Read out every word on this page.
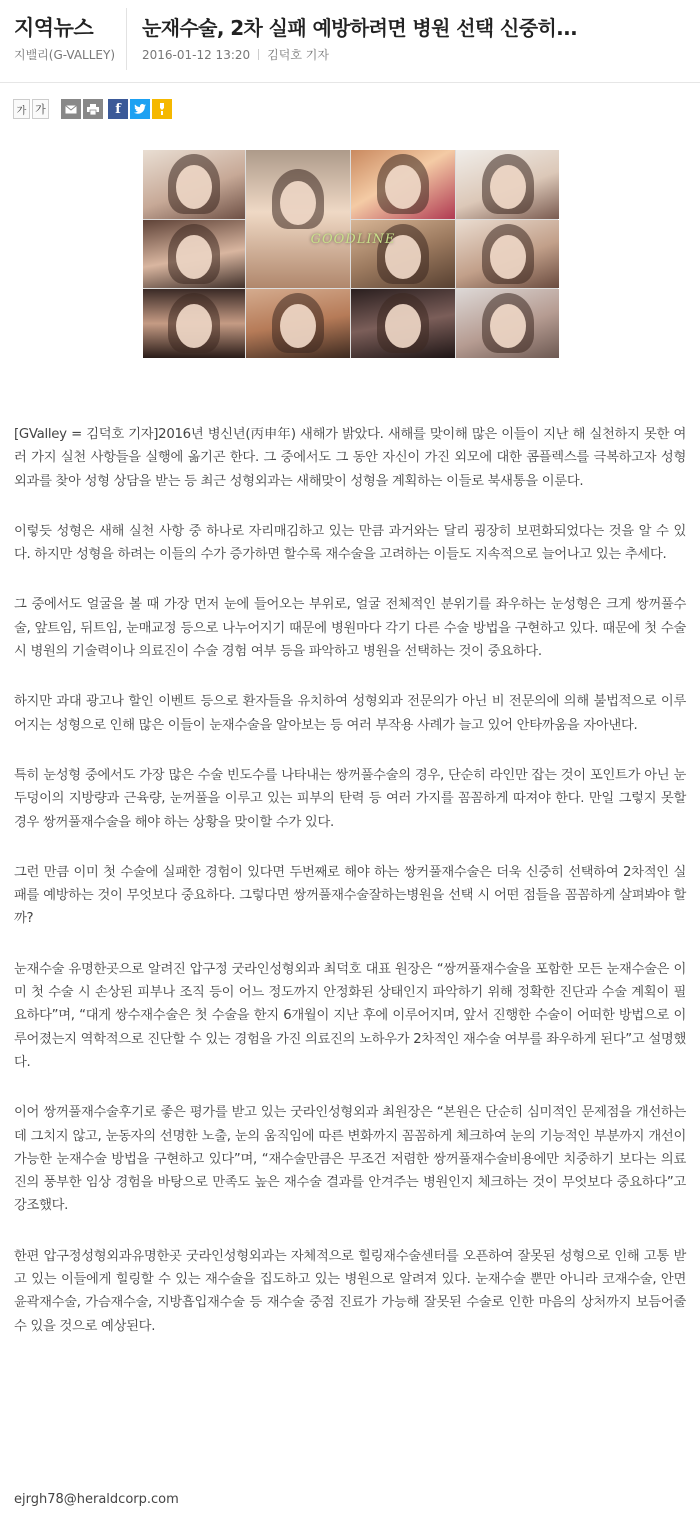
지역뉴스
지밸리(G-VALLEY)
눈재수술, 2차 실패 예방하려면 병원 선택 신중히...
2016-01-12 13:20 김덕호 기자
가 가	f
GOODLINE

[GValley = 김덕호 기자]2016년 병신년(丙申年) 새해가 밝았다. 새해를 맞이해 많은 이들이 지난 해 실천하지 못한 여러 가지 실천 사항들을 실행에 옮기곤 한다. 그 중에서도 그 동안 자신이 가진 외모에 대한 콤플렉스를 극복하고자 성형외과를 찾아 성형 상담을 받는 등 최근 성형외과는 새해맞이 성형을 계획하는 이들로 북새통을 이룬다.

이렇듯 성형은 새해 실천 사항 중 하나로 자리매김하고 있는 만큼 과거와는 달리 굉장히 보편화되었다는 것을 알 수 있다. 하지만 성형을 하려는 이들의 수가 증가하면 할수록 재수술을 고려하는 이들도 지속적으로 늘어나고 있는 추세다.

그 중에서도 얼굴을 볼 때 가장 먼저 눈에 들어오는 부위로, 얼굴 전체적인 분위기를 좌우하는 눈성형은 크게 쌍꺼풀수술, 앞트임, 뒤트임, 눈매교정 등으로 나누어지기 때문에 병원마다 각기 다른 수술 방법을 구현하고 있다. 때문에 첫 수술 시 병원의 기술력이나 의료진이 수술 경험 여부 등을 파악하고 병원을 선택하는 것이 중요하다.

하지만 과대 광고나 할인 이벤트 등으로 환자들을 유치하여 성형외과 전문의가 아닌 비 전문의에 의해 불법적으로 이루어지는 성형으로 인해 많은 이들이 눈재수술을 알아보는 등 여러 부작용 사례가 늘고 있어 안타까움을 자아낸다.

특히 눈성형 중에서도 가장 많은 수술 빈도수를 나타내는 쌍꺼풀수술의 경우, 단순히 라인만 잡는 것이 포인트가 아닌 눈두덩이의 지방량과 근육량, 눈꺼풀을 이루고 있는 피부의 탄력 등 여러 가지를 꼼꼼하게 따져야 한다. 만일 그렇지 못할 경우 쌍꺼풀재수술을 해야 하는 상황을 맞이할 수가 있다.

그런 만큼 이미 첫 수술에 실패한 경험이 있다면 두번째로 해야 하는 쌍커풀재수술은 더욱 신중히 선택하여 2차적인 실패를 예방하는 것이 무엇보다 중요하다. 그렇다면 쌍꺼풀재수술잘하는병원을 선택 시 어떤 점들을 꼼꼼하게 살펴봐야 할까?

눈재수술 유명한곳으로 알려진 압구정 굿라인성형외과 최덕호 대표 원장은 “쌍꺼풀재수술을 포함한 모든 눈재수술은 이미 첫 수술 시 손상된 피부나 조직 등이 어느 정도까지 안정화된 상태인지 파악하기 위해 정확한 진단과 수술 계획이 필요하다”며, “대게 쌍수재수술은 첫 수술을 한지 6개월이 지난 후에 이루어지며, 앞서 진행한 수술이 어떠한 방법으로 이루어졌는지 역학적으로 진단할 수 있는 경험을 가진 의료진의 노하우가 2차적인 재수술 여부를 좌우하게 된다”고 설명했다.

이어 쌍꺼풀재수술후기로 좋은 평가를 받고 있는 굿라인성형외과 최원장은 “본원은 단순히 심미적인 문제점을 개선하는데 그치지 않고, 눈동자의 선명한 노출, 눈의 움직임에 따른 변화까지 꼼꼼하게 체크하여 눈의 기능적인 부분까지 개선이 가능한 눈재수술 방법을 구현하고 있다”며, “재수술만큼은 무조건 저렴한 쌍꺼풀재수술비용에만 치중하기 보다는 의료진의 풍부한 임상 경험을 바탕으로 만족도 높은 재수술 결과를 안겨주는 병원인지 체크하는 것이 무엇보다 중요하다”고 강조했다.

한편 압구정성형외과유명한곳 굿라인성형외과는 자체적으로 힐링재수술센터를 오픈하여 잘못된 성형으로 인해 고통 받고 있는 이들에게 힐링할 수 있는 재수술을 집도하고 있는 병원으로 알려져 있다. 눈재수술 뿐만 아니라 코재수술, 안면윤곽재수술, 가슴재수술, 지방흡입재수술 등 재수술 중점 진료가 가능해 잘못된 수술로 인한 마음의 상처까지 보듬어줄 수 있을 것으로 예상된다.

ejrgh78@heraldcorp.com
